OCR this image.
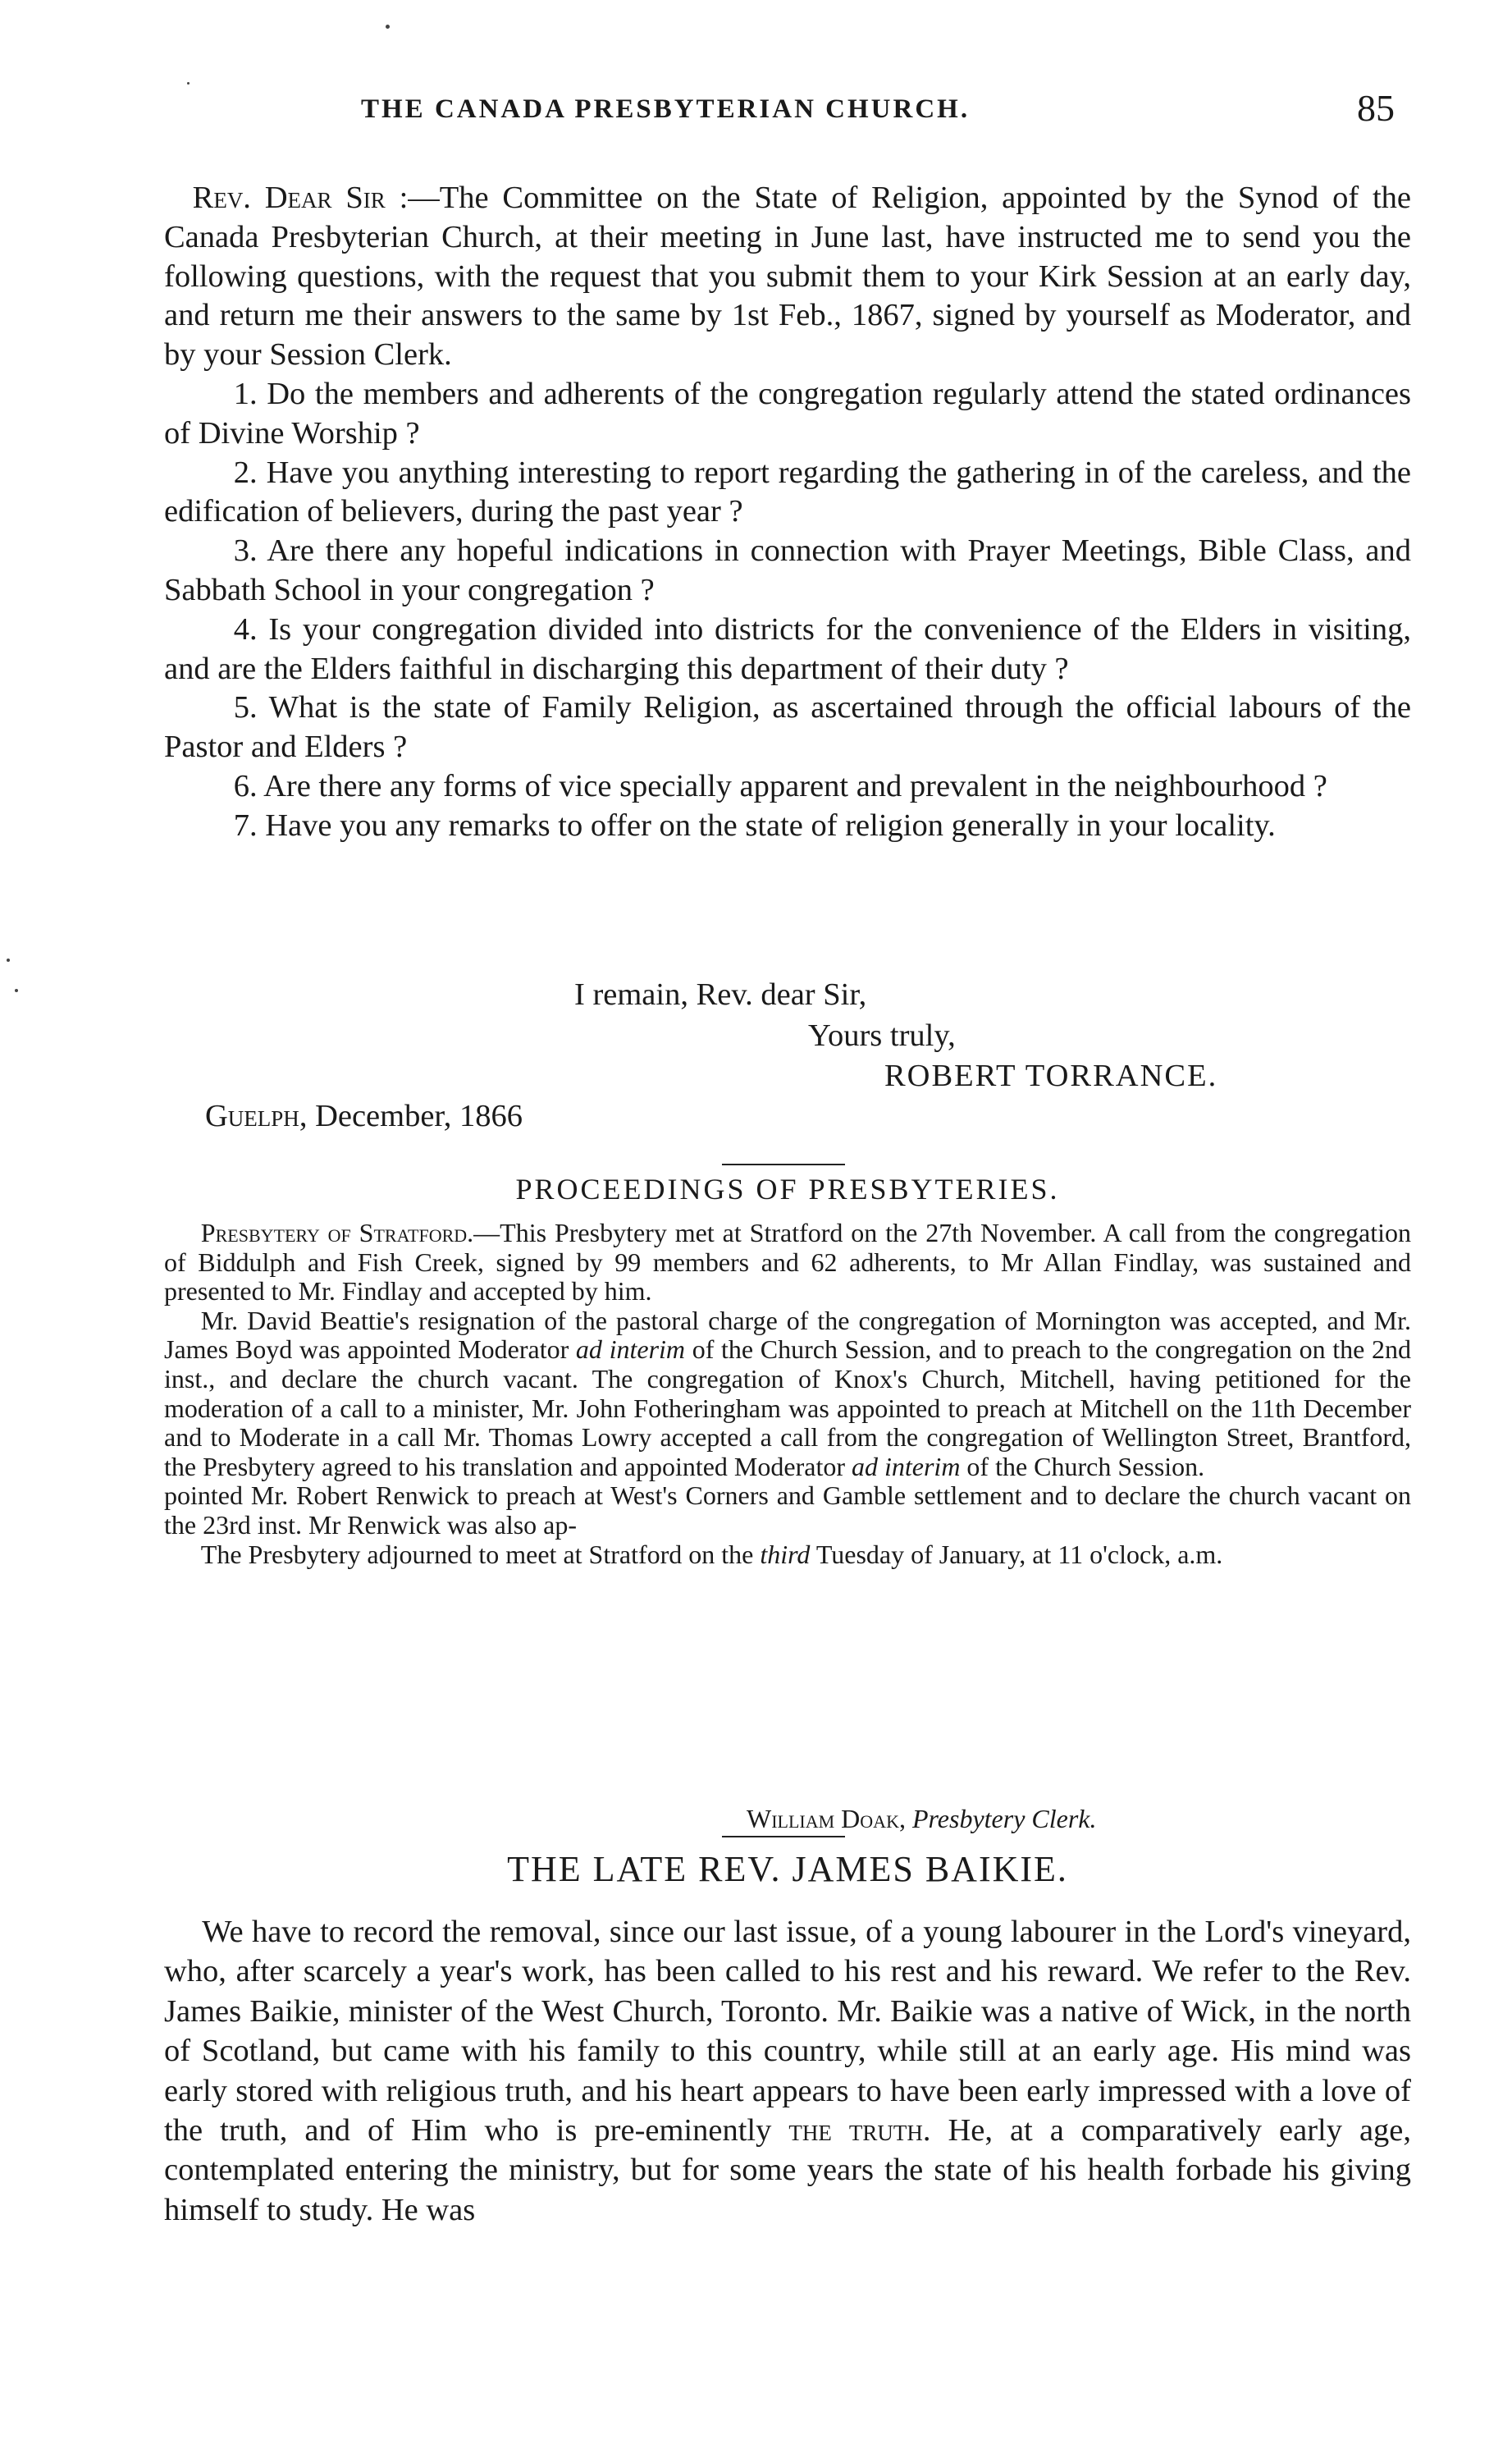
THE CANADA PRESBYTERIAN CHURCH.	85

Rev. Dear Sir :—The Committee on the State of Religion, appointed by the Synod of the Canada Presbyterian Church, at their meeting in June last, have instructed me to send you the following questions, with the request that you submit them to your Kirk Session at an early day, and return me their answers to the same by 1st Feb., 1867, signed by yourself as Moderator, and by your Session Clerk.

1. Do the members and adherents of the congregation regularly attend the stated ordinances of Divine Worship ?

2. Have you anything interesting to report regarding the gathering in of the careless, and the edification of believers, during the past year ?

3. Are there any hopeful indications in connection with Prayer Meetings, Bible Class, and Sabbath School in your congregation ?

4. Is your congregation divided into districts for the convenience of the Elders in visiting, and are the Elders faithful in discharging this department of their duty ?

5. What is the state of Family Religion, as ascertained through the official labours of the Pastor and Elders ?

6. Are there any forms of vice specially apparent and prevalent in the neighbourhood ?

7. Have you any remarks to offer on the state of religion generally in your locality.

I remain, Rev. dear Sir,
Yours truly,
ROBERT TORRANCE.
Guelph, December, 1866
PROCEEDINGS OF PRESBYTERIES.

Presbytery of Stratford.—This Presbytery met at Stratford on the 27th November. A call from the congregation of Biddulph and Fish Creek, signed by 99 members and 62 adherents, to Mr Allan Findlay, was sustained and presented to Mr. Findlay and accepted by him.

Mr. David Beattie's resignation of the pastoral charge of the congregation of Mornington was accepted, and Mr. James Boyd was appointed Moderator ad interim of the Church Session, and to preach to the congregation on the 2nd inst., and declare the church vacant. The congregation of Knox's Church, Mitchell, having petitioned for the moderation of a call to a minister, Mr. John Fotheringham was appointed to preach at Mitchell on the 11th December and to Moderate in a call Mr. Thomas Lowry accepted a call from the congregation of Wellington Street, Brantford, the Presbytery agreed to his translation and appointed Moderator ad interim of the Church Session.

pointed Mr. Robert Renwick to preach at West's Corners and Gamble settlement and to declare the church vacant on the 23rd inst. Mr Renwick was also ap-

The Presbytery adjourned to meet at Stratford on the third Tuesday of January, at 11 o'clock, a.m.

William Doak, Presbytery Clerk.
THE LATE REV. JAMES BAIKIE.

We have to record the removal, since our last issue, of a young labourer in the Lord's vineyard, who, after scarcely a year's work, has been called to his rest and his reward. We refer to the Rev. James Baikie, minister of the West Church, Toronto. Mr. Baikie was a native of Wick, in the north of Scotland, but came with his family to this country, while still at an early age. His mind was early stored with religious truth, and his heart appears to have been early impressed with a love of the truth, and of Him who is pre-eminently the truth. He, at a comparatively early age, contemplated entering the ministry, but for some years the state of his health forbade his giving himself to study. He was
